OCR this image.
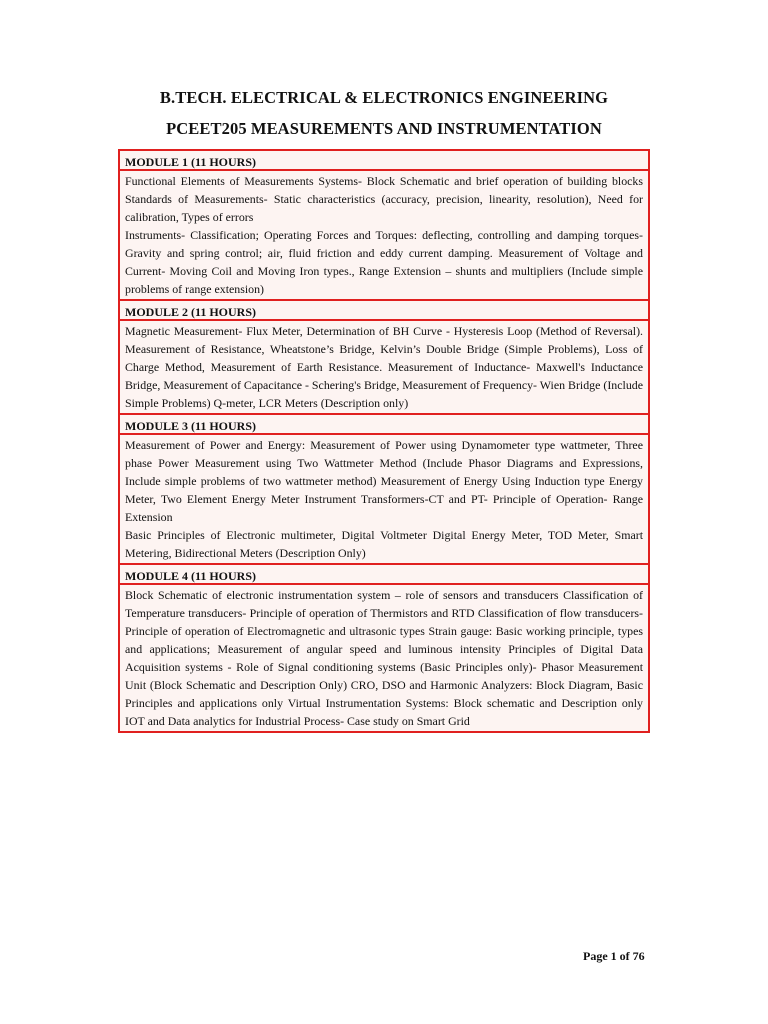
B.TECH. ELECTRICAL & ELECTRONICS ENGINEERING
PCEET205 MEASUREMENTS AND INSTRUMENTATION
MODULE 1 (11 HOURS)

Functional Elements of Measurements Systems- Block Schematic and brief operation of building blocks Standards of Measurements- Static characteristics (accuracy, precision, linearity, resolution), Need for calibration, Types of errors

Instruments- Classification; Operating Forces and Torques: deflecting, controlling and damping torques- Gravity and spring control; air, fluid friction and eddy current damping. Measurement of Voltage and Current- Moving Coil and Moving Iron types., Range Extension – shunts and multipliers (Include simple problems of range extension)

MODULE 2 (11 HOURS)

Magnetic Measurement- Flux Meter, Determination of BH Curve - Hysteresis Loop (Method of Reversal). Measurement of Resistance, Wheatstone’s Bridge, Kelvin’s Double Bridge (Simple Problems), Loss of Charge Method, Measurement of Earth Resistance. Measurement of Inductance- Maxwell's Inductance Bridge, Measurement of Capacitance - Schering's Bridge, Measurement of Frequency- Wien Bridge (Include Simple Problems) Q-meter, LCR Meters (Description only)

MODULE 3 (11 HOURS)

Measurement of Power and Energy: Measurement of Power using Dynamometer type wattmeter, Three phase Power Measurement using Two Wattmeter Method (Include Phasor Diagrams and Expressions, Include simple problems of two wattmeter method) Measurement of Energy Using Induction type Energy Meter, Two Element Energy Meter Instrument Transformers-CT and PT- Principle of Operation- Range Extension

Basic Principles of Electronic multimeter, Digital Voltmeter Digital Energy Meter, TOD Meter, Smart Metering, Bidirectional Meters (Description Only)

MODULE 4 (11 HOURS)

Block Schematic of electronic instrumentation system – role of sensors and transducers Classification of Temperature transducers- Principle of operation of Thermistors and RTD Classification of flow transducers- Principle of operation of Electromagnetic and ultrasonic types Strain gauge: Basic working principle, types and applications; Measurement of angular speed and luminous intensity Principles of Digital Data Acquisition systems - Role of Signal conditioning systems (Basic Principles only)- Phasor Measurement Unit (Block Schematic and Description Only) CRO, DSO and Harmonic Analyzers: Block Diagram, Basic Principles and applications only Virtual Instrumentation Systems: Block schematic and Description only IOT and Data analytics for Industrial Process- Case study on Smart Grid

Page 1 of 76
